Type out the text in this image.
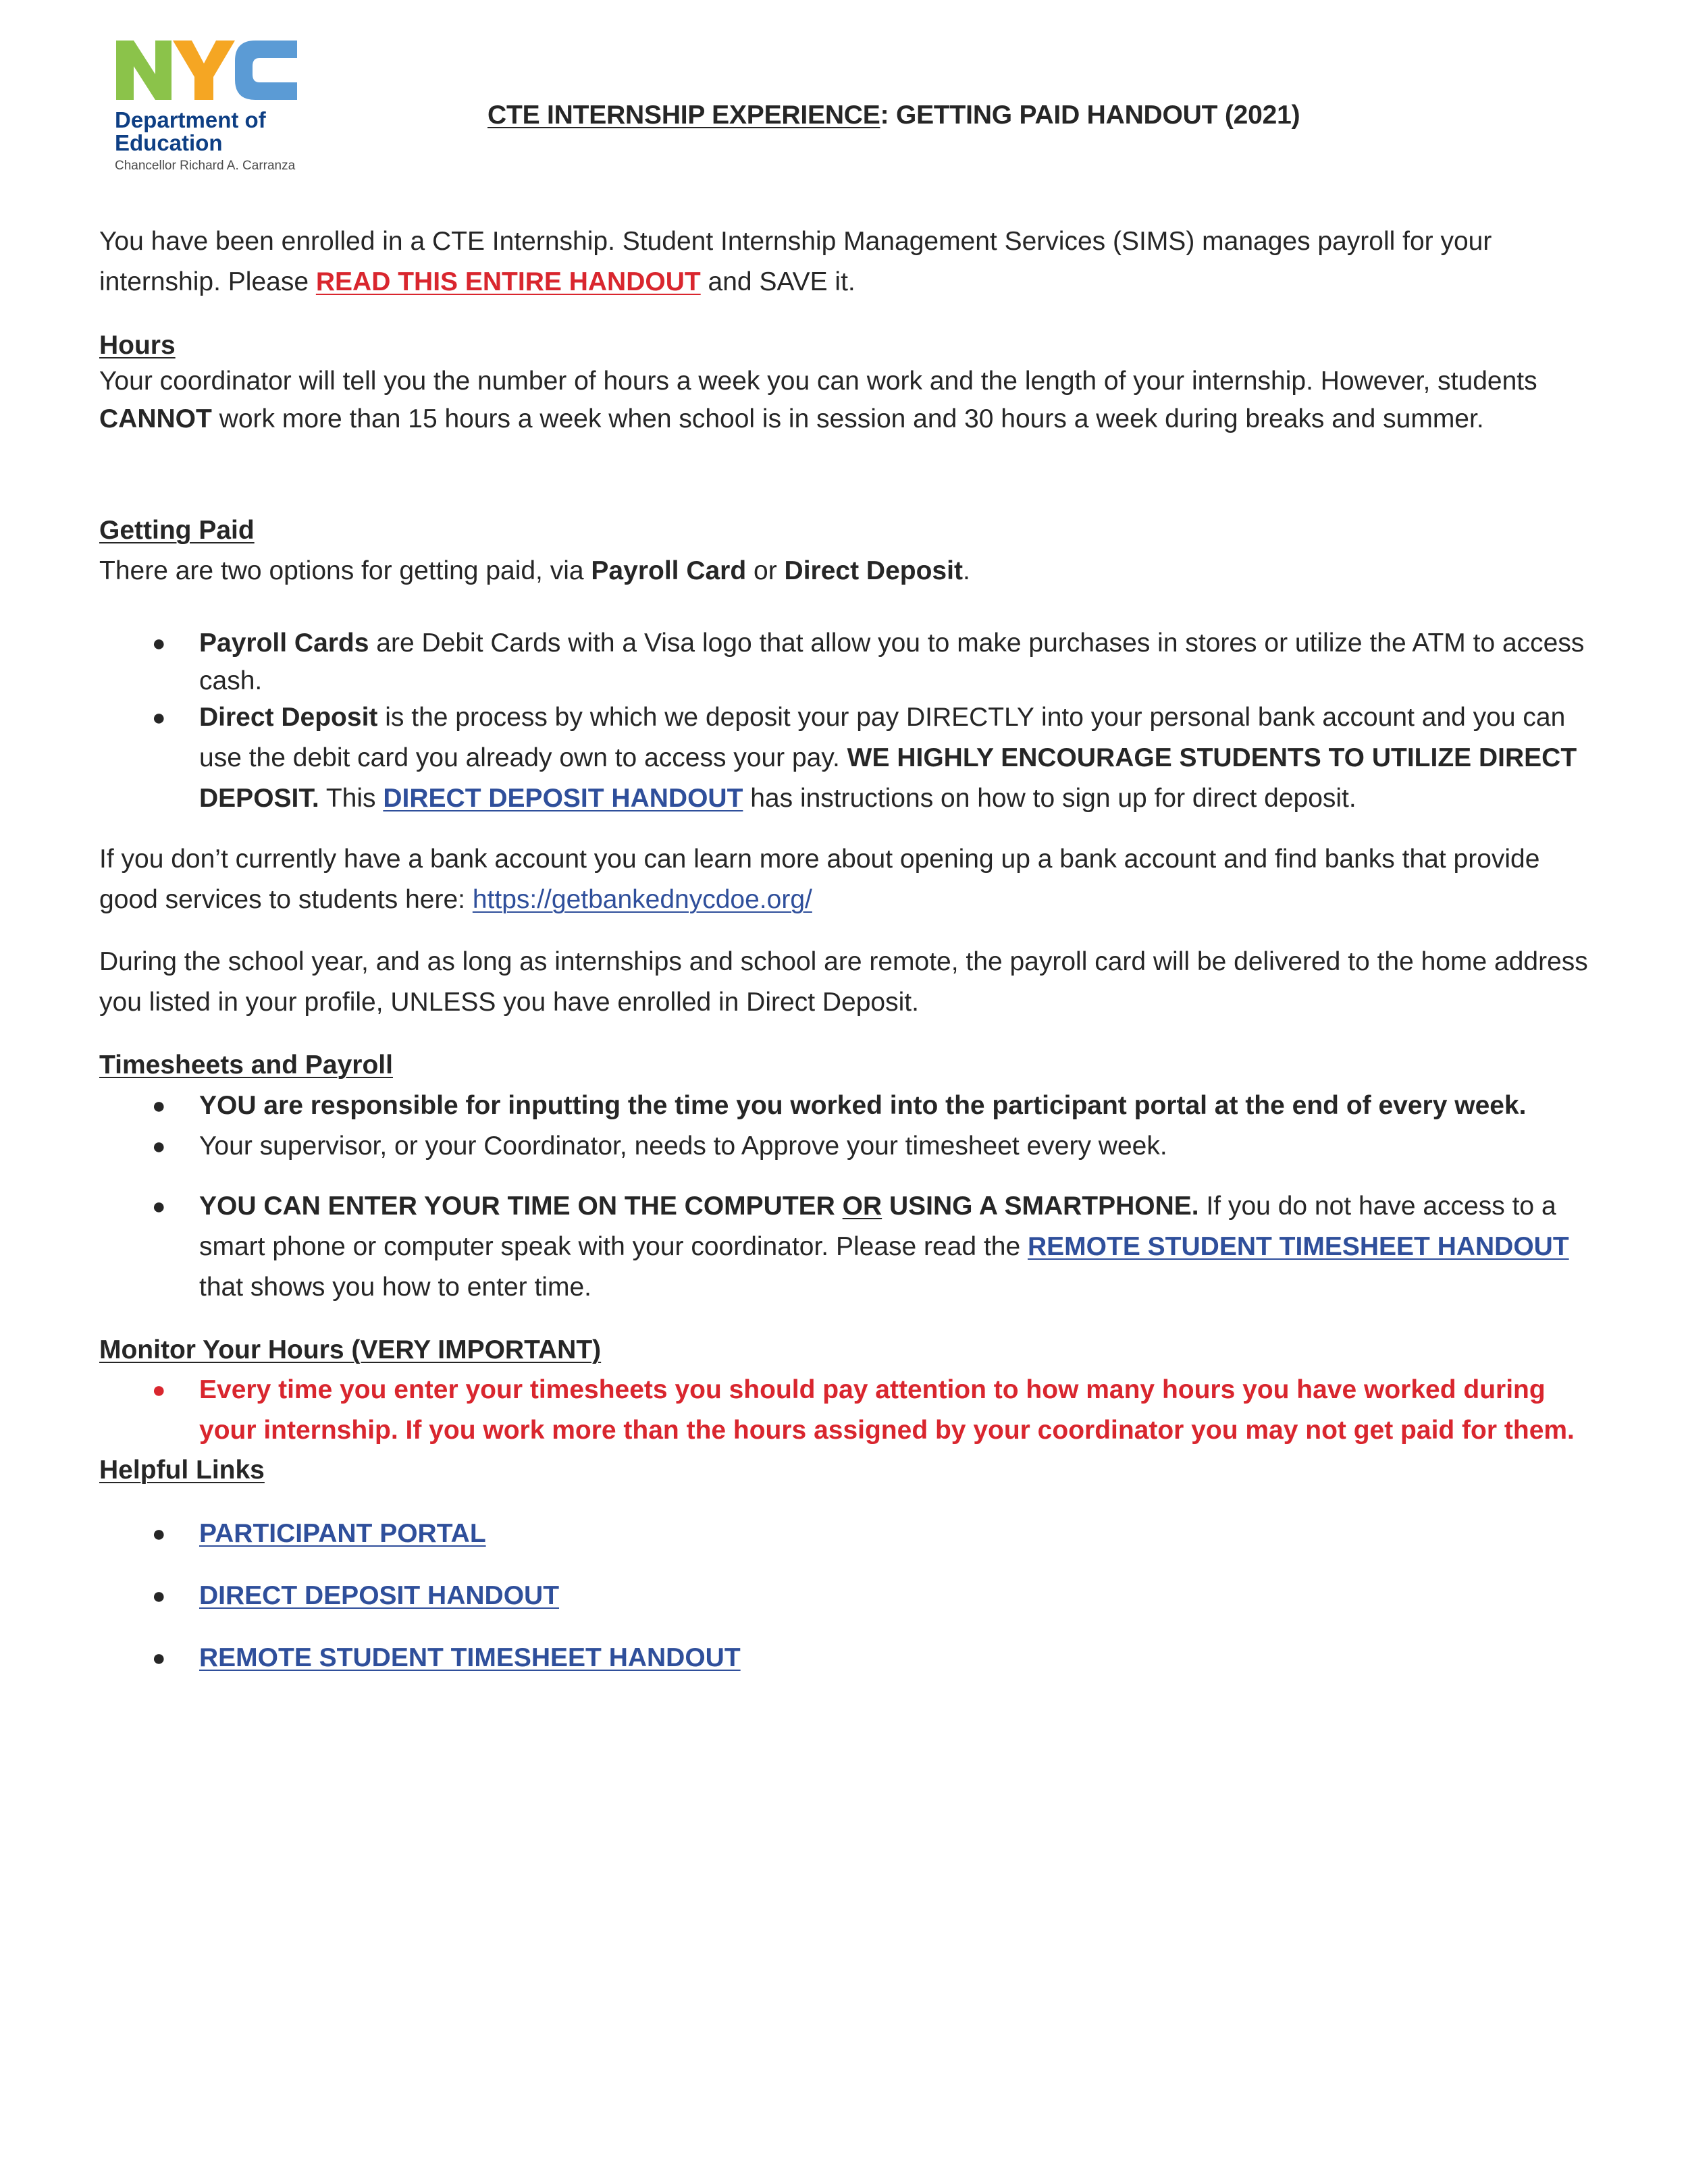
Department of
Education
Chancellor Richard A. Carranza
CTE INTERNSHIP EXPERIENCE: GETTING PAID HANDOUT (2021)

You have been enrolled in a CTE Internship. Student Internship Management Services (SIMS) manages payroll for your internship. Please READ THIS ENTIRE HANDOUT and SAVE it.

Hours

Your coordinator will tell you the number of hours a week you can work and the length of your internship. However, students CANNOT work more than 15 hours a week when school is in session and 30 hours a week during breaks and summer.

Getting Paid

There are two options for getting paid, via Payroll Card or Direct Deposit.

● Payroll Cards are Debit Cards with a Visa logo that allow you to make purchases in stores or utilize the ATM to access cash.
● Direct Deposit is the process by which we deposit your pay DIRECTLY into your personal bank account and you can use the debit card you already own to access your pay. WE HIGHLY ENCOURAGE STUDENTS TO UTILIZE DIRECT DEPOSIT. This DIRECT DEPOSIT HANDOUT has instructions on how to sign up for direct deposit.

If you don’t currently have a bank account you can learn more about opening up a bank account and find banks that provide good services to students here: https://getbankednycdoe.org/

During the school year, and as long as internships and school are remote, the payroll card will be delivered to the home address you listed in your profile, UNLESS you have enrolled in Direct Deposit.

Timesheets and Payroll
● YOU are responsible for inputting the time you worked into the participant portal at the end of every week.
● Your supervisor, or your Coordinator, needs to Approve your timesheet every week.
● YOU CAN ENTER YOUR TIME ON THE COMPUTER OR USING A SMARTPHONE. If you do not have access to a smart phone or computer speak with your coordinator. Please read the REMOTE STUDENT TIMESHEET HANDOUT that shows you how to enter time.
Monitor Your Hours (VERY IMPORTANT)
● Every time you enter your timesheets you should pay attention to how many hours you have worked during your internship. If you work more than the hours assigned by your coordinator you may not get paid for them.
Helpful Links
● PARTICIPANT PORTAL
● DIRECT DEPOSIT HANDOUT
● REMOTE STUDENT TIMESHEET HANDOUT
